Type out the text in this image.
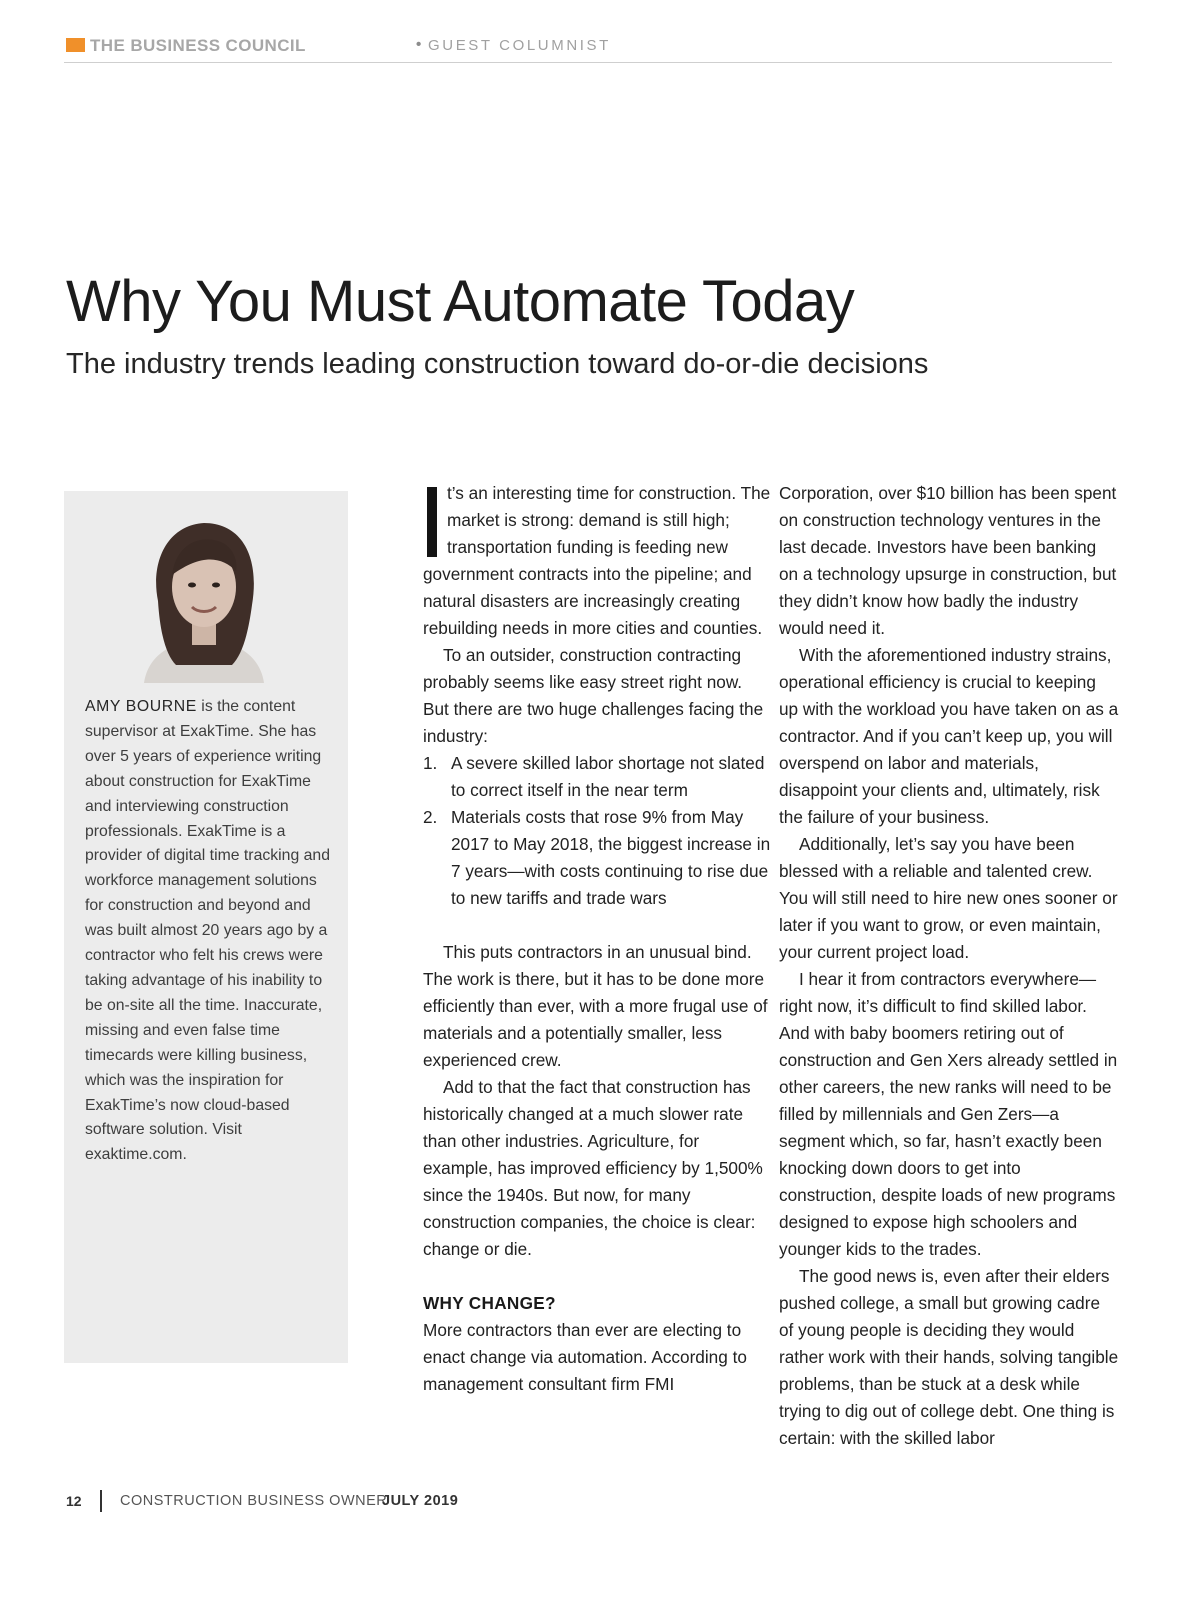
THE BUSINESS COUNCIL	• GUEST COLUMNIST
Why You Must Automate Today
The industry trends leading construction toward do-or-die decisions
AMY BOURNE is the content supervisor at ExakTime. She has over 5 years of experience writing about construction for ExakTime and interviewing construction professionals. ExakTime is a provider of digital time tracking and workforce management solutions for construction and beyond and was built almost 20 years ago by a contractor who felt his crews were taking advantage of his inability to be on-site all the time. Inaccurate, missing and even false time timecards were killing business, which was the inspiration for ExakTime’s now cloud-based software solution. Visit exaktime.com.

t’s an interesting time for construction. The market is strong: demand is still high; transportation funding is feeding new government contracts into the pipeline; and natural disasters are increasingly creating rebuilding needs in more cities and counties.

To an outsider, construction contracting probably seems like easy street right now. But there are two huge challenges facing the industry:

1. A severe skilled labor shortage not slated to correct itself in the near term
2. Materials costs that rose 9% from May 2017 to May 2018, the biggest increase in 7 years—with costs continuing to rise due to new tariffs and trade wars

This puts contractors in an unusual bind. The work is there, but it has to be done more efficiently than ever, with a more frugal use of materials and a potentially smaller, less experienced crew.

Add to that the fact that construction has historically changed at a much slower rate than other industries. Agriculture, for example, has improved efficiency by 1,500% since the 1940s. But now, for many construction companies, the choice is clear: change or die.

WHY CHANGE?

More contractors than ever are electing to enact change via automation. According to management consultant firm FMI

Corporation, over $10 billion has been spent on construction technology ventures in the last decade. Investors have been banking on a technology upsurge in construction, but they didn’t know how badly the industry would need it.

With the aforementioned industry strains, operational efficiency is crucial to keeping up with the workload you have taken on as a contractor. And if you can’t keep up, you will overspend on labor and materials, disappoint your clients and, ultimately, risk the failure of your business.

Additionally, let’s say you have been blessed with a reliable and talented crew. You will still need to hire new ones sooner or later if you want to grow, or even maintain, your current project load.

I hear it from contractors everywhere—right now, it’s difficult to find skilled labor. And with baby boomers retiring out of construction and Gen Xers already settled in other careers, the new ranks will need to be filled by millennials and Gen Zers—a segment which, so far, hasn’t exactly been knocking down doors to get into construction, despite loads of new programs designed to expose high schoolers and younger kids to the trades.

The good news is, even after their elders pushed college, a small but growing cadre of young people is deciding they would rather work with their hands, solving tangible problems, than be stuck at a desk while trying to dig out of college debt. One thing is certain: with the skilled labor

12	CONSTRUCTION BUSINESS OWNER
JULY 2019
